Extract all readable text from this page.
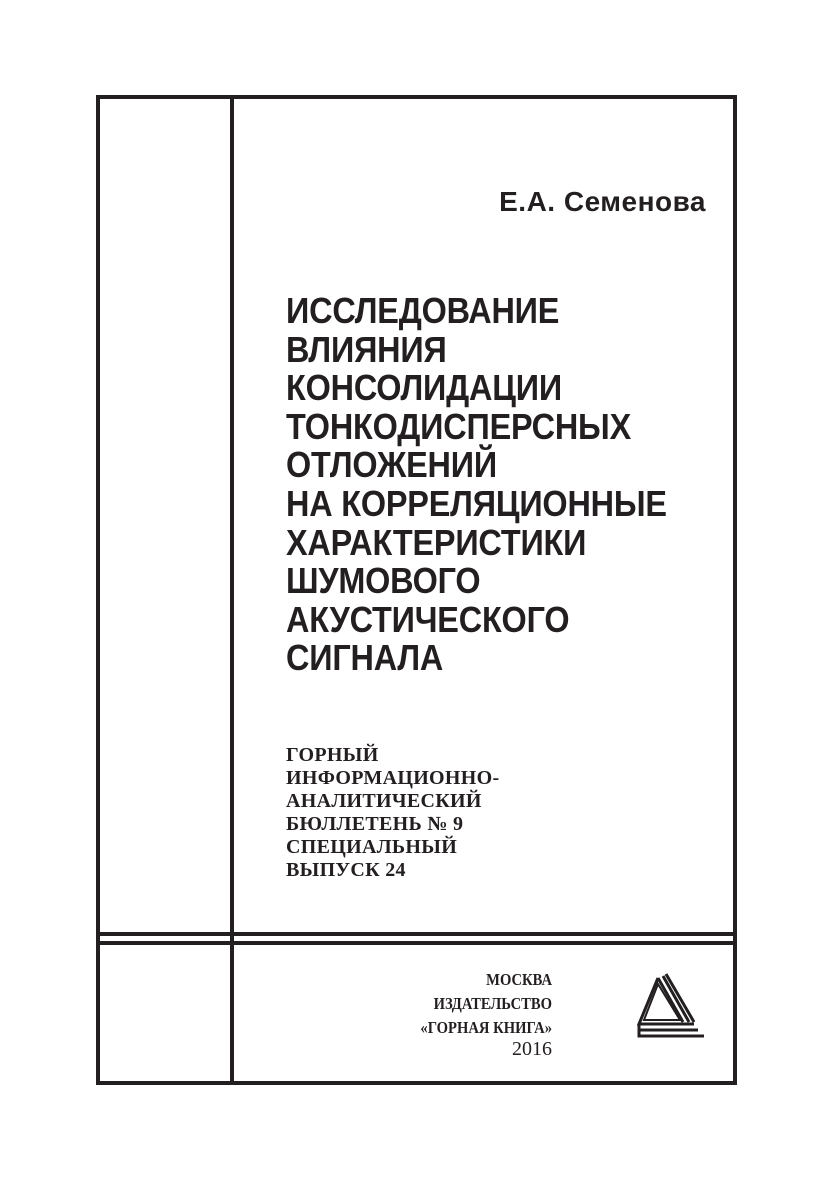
Е.А. Семенова

ИССЛЕДОВАНИЕ
ВЛИЯНИЯ
КОНСОЛИДАЦИИ
ТОНКОДИСПЕРСНЫХ
ОТЛОЖЕНИЙ
НА КОРРЕЛЯЦИОННЫЕ
ХАРАКТЕРИСТИКИ
ШУМОВОГО
АКУСТИЧЕСКОГО
СИГНАЛА
ГОРНЫЙ
ИНФОРМАЦИОННО-
АНАЛИТИЧЕСКИЙ
БЮЛЛЕТЕНЬ № 9
СПЕЦИАЛЬНЫЙ
ВЫПУСК 24
МОСКВА
ИЗДАТЕЛЬСТВО
«ГОРНАЯ КНИГА»

2016
